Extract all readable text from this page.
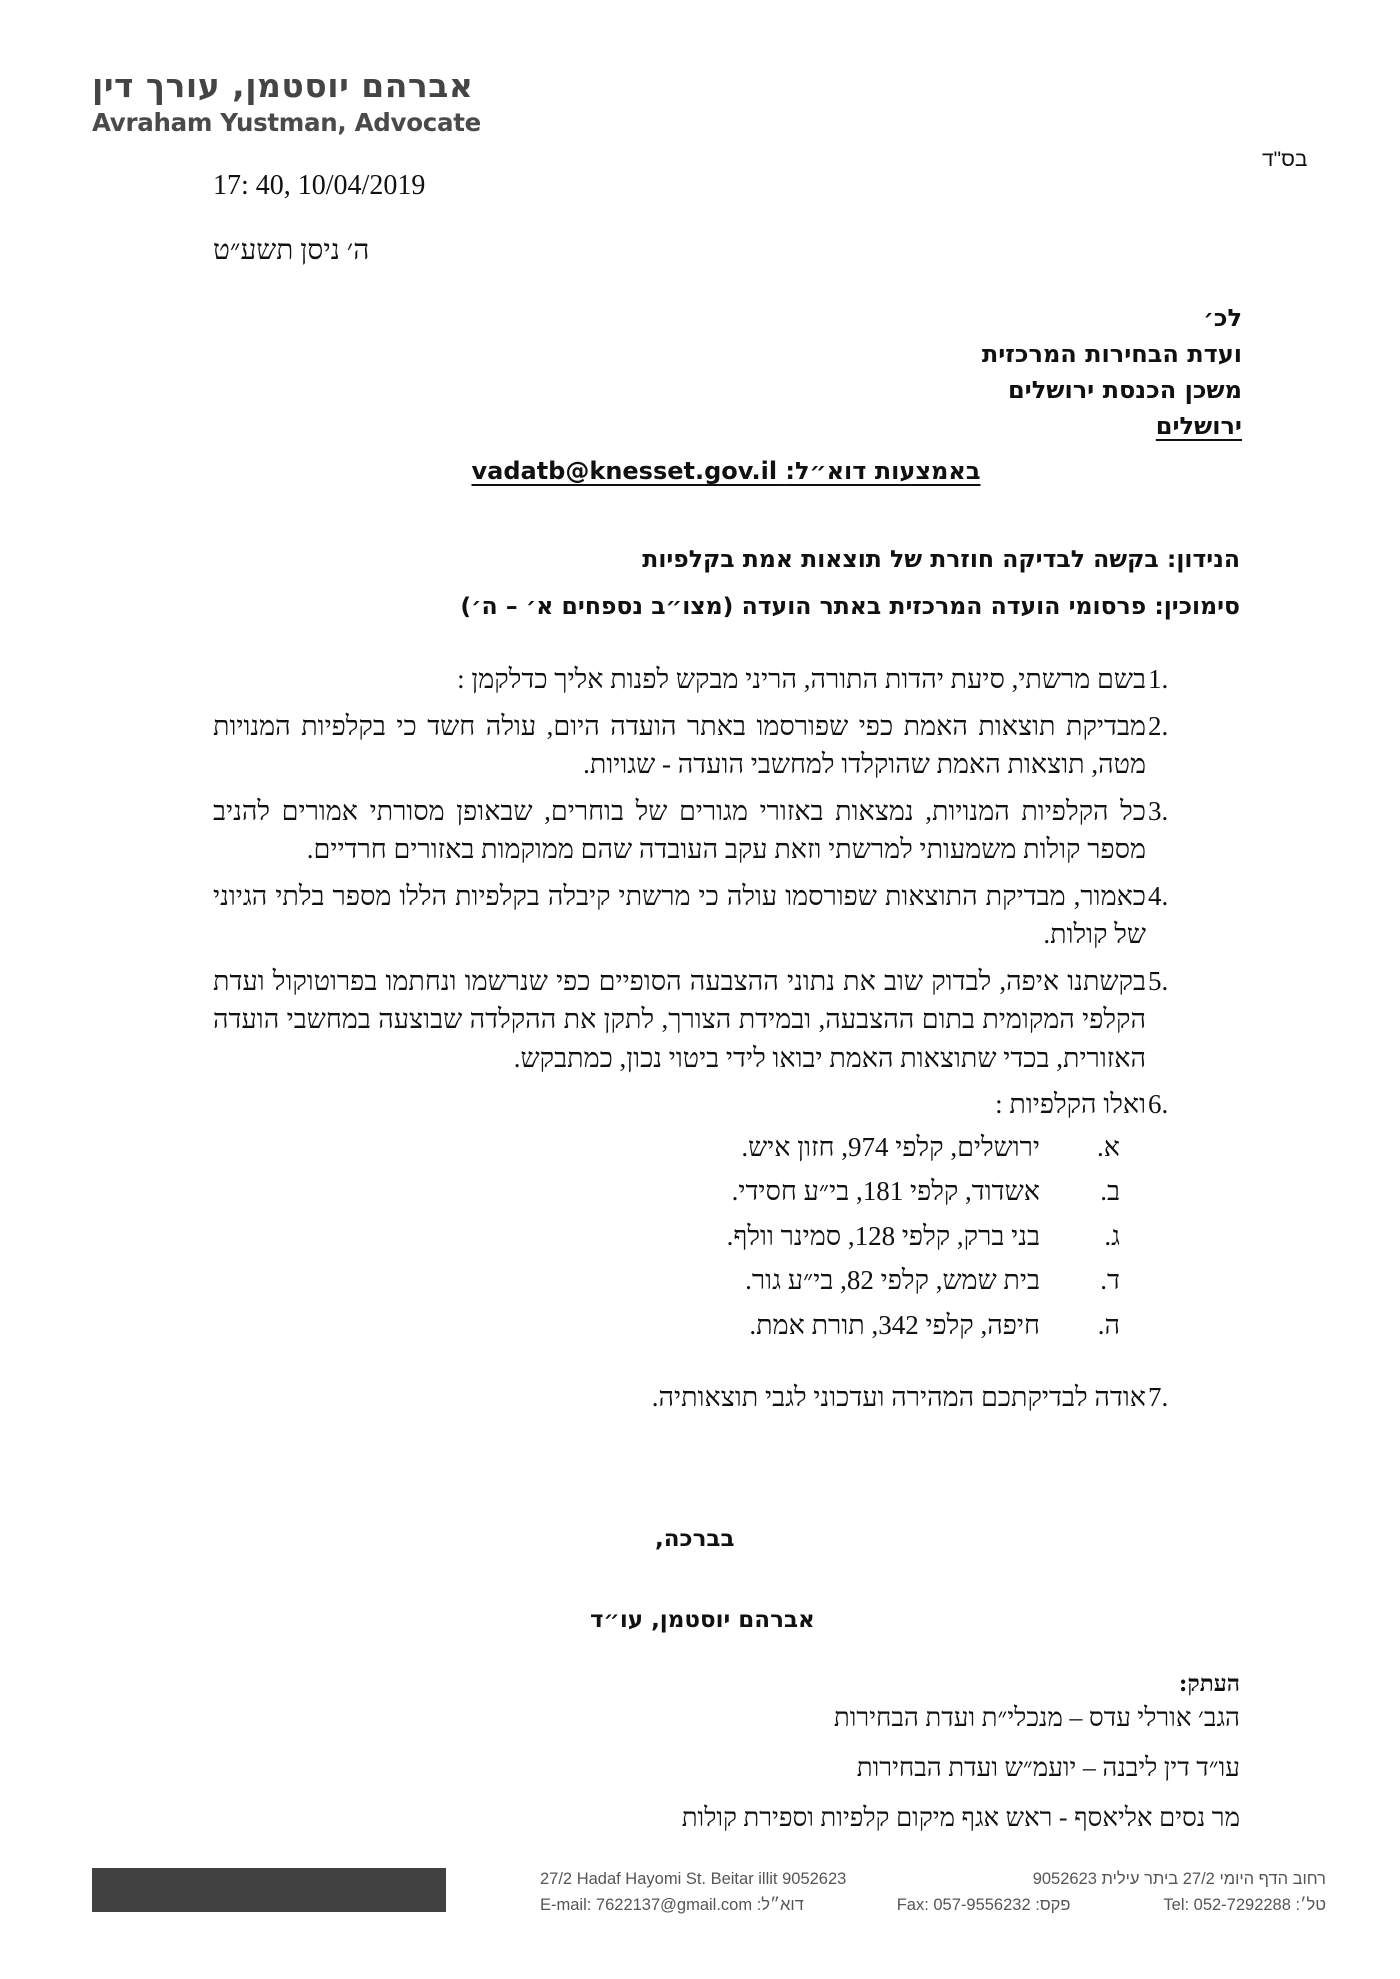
אברהם יוסטמן, עורך דין
Avraham Yustman, Advocate
בס"ד
17: 40, 10/04/2019
ה׳ ניסן תשע״ט
לכ׳
ועדת הבחירות המרכזית
משכן הכנסת ירושלים
ירושלים
באמצעות דוא״ל: vadatb@knesset.gov.il
הנידון: בקשה לבדיקה חוזרת של תוצאות אמת בקלפיות
סימוכין: פרסומי הועדה המרכזית באתר הועדה (מצו״ב נספחים א׳ – ה׳)
1.
בשם מרשתי, סיעת יהדות התורה, הריני מבקש לפנות אליך כדלקמן :
2.
מבדיקת תוצאות האמת כפי שפורסמו באתר הועדה היום, עולה חשד כי בקלפיות המנויות מטה, תוצאות האמת שהוקלדו למחשבי הועדה - שגויות.
3.
כל הקלפיות המנויות, נמצאות באזורי מגורים של בוחרים, שבאופן מסורתי אמורים להניב מספר קולות משמעותי למרשתי וזאת עקב העובדה שהם ממוקמות באזורים חרדיים.
4.
כאמור, מבדיקת התוצאות שפורסמו עולה כי מרשתי קיבלה בקלפיות הללו מספר בלתי הגיוני של קולות.
5.
בקשתנו איפה, לבדוק שוב את נתוני ההצבעה הסופיים כפי שנרשמו ונחתמו בפרוטוקול ועדת הקלפי המקומית בתום ההצבעה, ובמידת הצורך, לתקן את ההקלדה שבוצעה במחשבי הועדה האזורית, בכדי שתוצאות האמת יבואו לידי ביטוי נכון, כמתבקש.
6.
ואלו הקלפיות :
א.
ירושלים, קלפי 974, חזון איש.
ב.
אשדוד, קלפי 181, בי״ע חסידי.
ג.
בני ברק, קלפי 128, סמינר וולף.
ד.
בית שמש, קלפי 82, בי״ע גור.
ה.
חיפה, קלפי 342, תורת אמת.
7.
אודה לבדיקתכם המהירה ועדכוני לגבי תוצאותיה.
בברכה,
אברהם יוסטמן, עו״ד
העתק:
הגב׳ אורלי עדס – מנכלי״ת ועדת הבחירות
עו״ד דין ליבנה – יועמ״ש ועדת הבחירות
מר נסים אליאסף - ראש אגף מיקום קלפיות וספירת קולות
27/2 Hadaf Hayomi St. Beitar illit 9052623	רחוב הדף היומי 27/2 ביתר עילית 9052623
E-mail: 7622137@gmail.com :דוא״ל	Fax: 057-9556232 :פקס	Tel: 052-7292288 :טל׳
